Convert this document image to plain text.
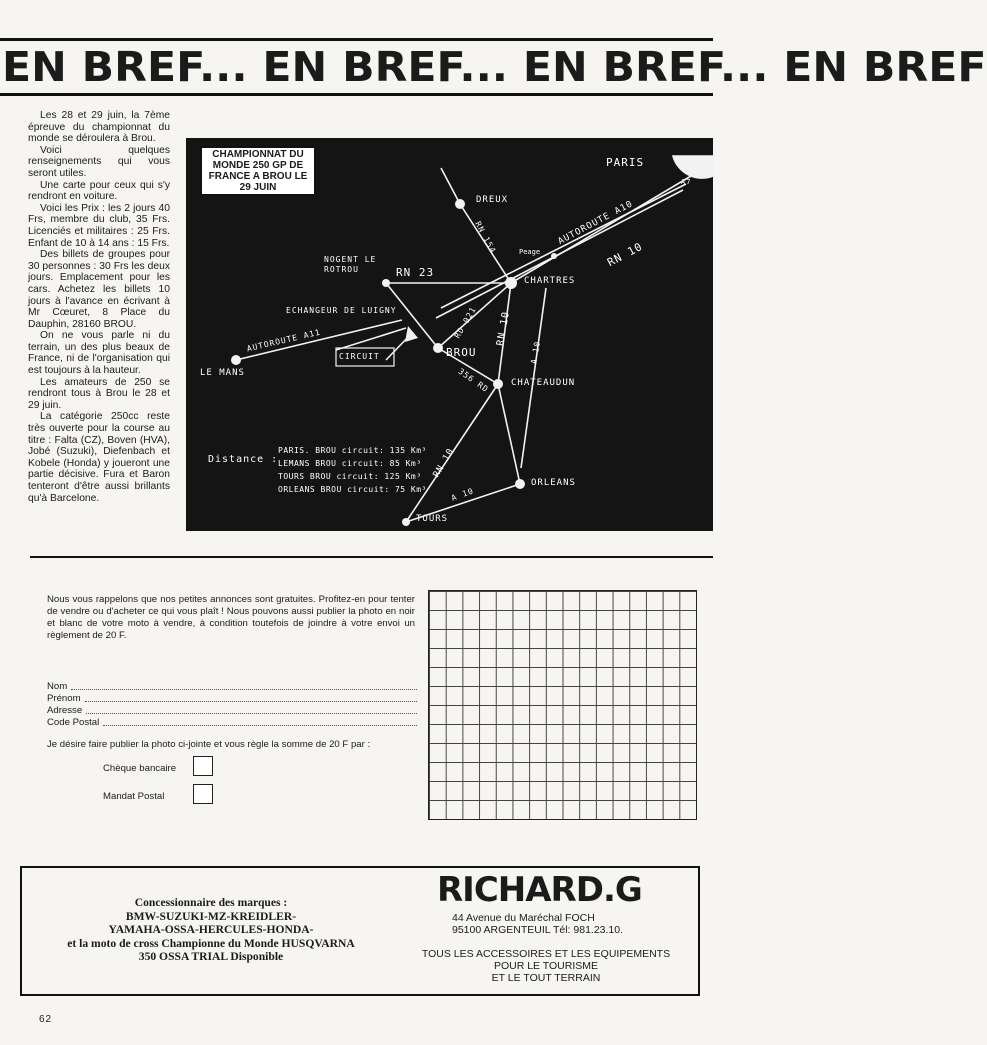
EN BREF... EN BREF... EN BREF... EN BREF

Les 28 et 29 juin, la 7ème épreuve du championnat du monde se déroulera à Brou.

Voici quelques renseignements qui vous seront utiles.

Une carte pour ceux qui s'y rendront en voiture.

Voici les Prix : les 2 jours 40 Frs, membre du club, 35 Frs. Licenciés et militaires : 25 Frs. Enfant de 10 à 14 ans : 15 Frs.

Des billets de groupes pour 30 personnes : 30 Frs les deux jours. Emplacement pour les cars. Achetez les billets 10 jours à l'avance en écrivant à Mr Cœuret, 8 Place du Dauphin, 28160 BROU.

On ne vous parle ni du terrain, un des plus beaux de France, ni de l'organisation qui est toujours à la hauteur.

Les amateurs de 250 se rendront tous à Brou le 28 et 29 juin.

La catégorie 250cc reste très ouverte pour la course au titre : Falta (CZ), Boven (HVA), Jobé (Suzuki), Diefenbach et Kobele (Honda) y joueront une partie décisive. Fura et Baron tenteront d'être aussi brillants qu'à Barcelone.

PARIS
A7
DREUX
RN 154	AUTOROUTE A10
Peage	RN 10
NOGENT LE ROTROU	RN 23
CHARTRES
ECHANGEUR DE LUIGNY	RD 921 RN 10
AUTOROUTE A11
CIRCUIT	BROU	A 10
LE MANS	356 RD CHATEAUDUN
ORLEANS
RN 10
A 10
TOURS
Distance :
PARIS. BROU circuit: 135 Km³
LEMANS BROU circuit: 85 Km³
TOURS BROU circuit: 125 Km³
ORLEANS BROU circuit: 75 Km³
CHAMPIONNAT DU MONDE 250 GP DE FRANCE A BROU LE 29 JUIN
Nous vous rappelons que nos petites annonces sont gratuites. Profitez-en pour tenter de vendre ou d'acheter ce qui vous plaît ! Nous pouvons aussi publier la photo en noir et blanc de votre moto à vendre, à condition toutefois de joindre à votre envoi un règlement de 20 F.
Nom
Prénom
Adresse
Code Postal
Je désire faire publier la photo ci-jointe et vous règle la somme de 20 F par :
Chèque bancaire
Mandat Postal
Concessionnaire des marques :
BMW-SUZUKI-MZ-KREIDLER-
YAMAHA-OSSA-HERCULES-HONDA-
et la moto de cross Championne du Monde HUSQVARNA
350 OSSA TRIAL Disponible
RICHARD.G
44 Avenue du Maréchal FOCH
95100 ARGENTEUIL Tél: 981.23.10.
TOUS LES ACCESSOIRES ET LES EQUIPEMENTS
POUR LE TOURISME
ET LE TOUT TERRAIN
62
